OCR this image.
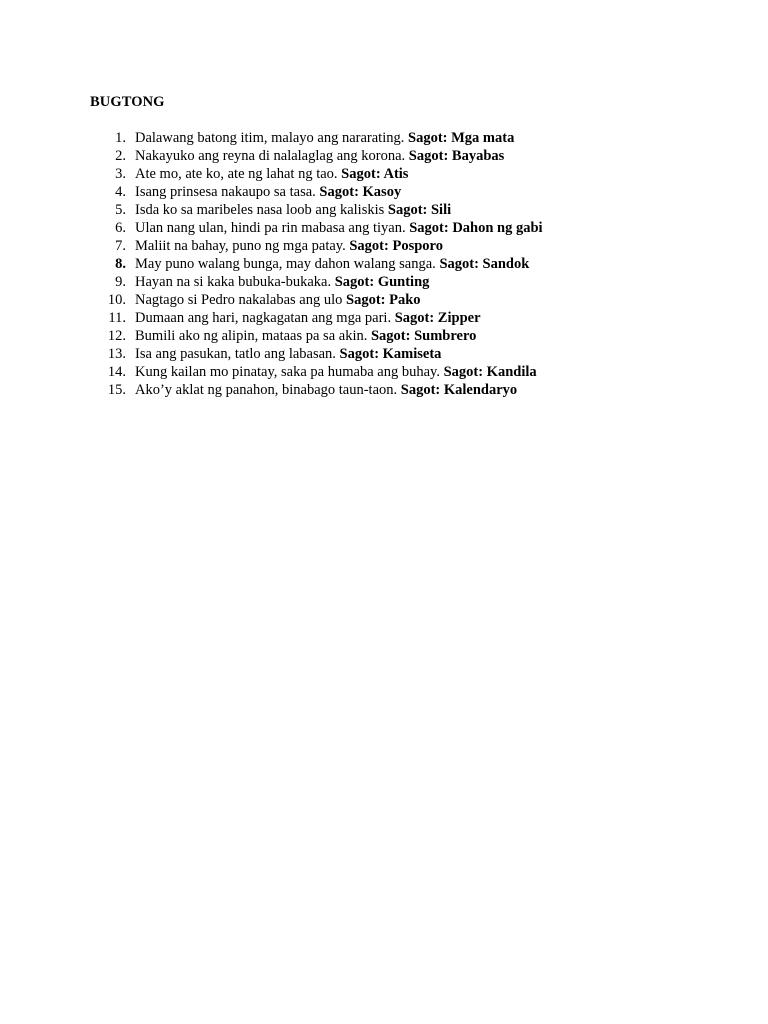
BUGTONG
1. Dalawang batong itim, malayo ang nararating. Sagot: Mga mata
2. Nakayuko ang reyna di nalalaglag ang korona. Sagot: Bayabas
3. Ate mo, ate ko, ate ng lahat ng tao. Sagot: Atis
4. Isang prinsesa nakaupo sa tasa. Sagot: Kasoy
5. Isda ko sa maribeles nasa loob ang kaliskis Sagot: Sili
6. Ulan nang ulan, hindi pa rin mabasa ang tiyan. Sagot: Dahon ng gabi
7. Maliit na bahay, puno ng mga patay. Sagot: Posporo
8. May puno walang bunga, may dahon walang sanga. Sagot: Sandok
9. Hayan na si kaka bubuka-bukaka. Sagot: Gunting
10. Nagtago si Pedro nakalabas ang ulo Sagot: Pako
11. Dumaan ang hari, nagkagatan ang mga pari. Sagot: Zipper
12. Bumili ako ng alipin, mataas pa sa akin. Sagot: Sumbrero
13. Isa ang pasukan, tatlo ang labasan. Sagot: Kamiseta
14. Kung kailan mo pinatay, saka pa humaba ang buhay. Sagot: Kandila
15. Ako’y aklat ng panahon, binabago taun-taon. Sagot: Kalendaryo
